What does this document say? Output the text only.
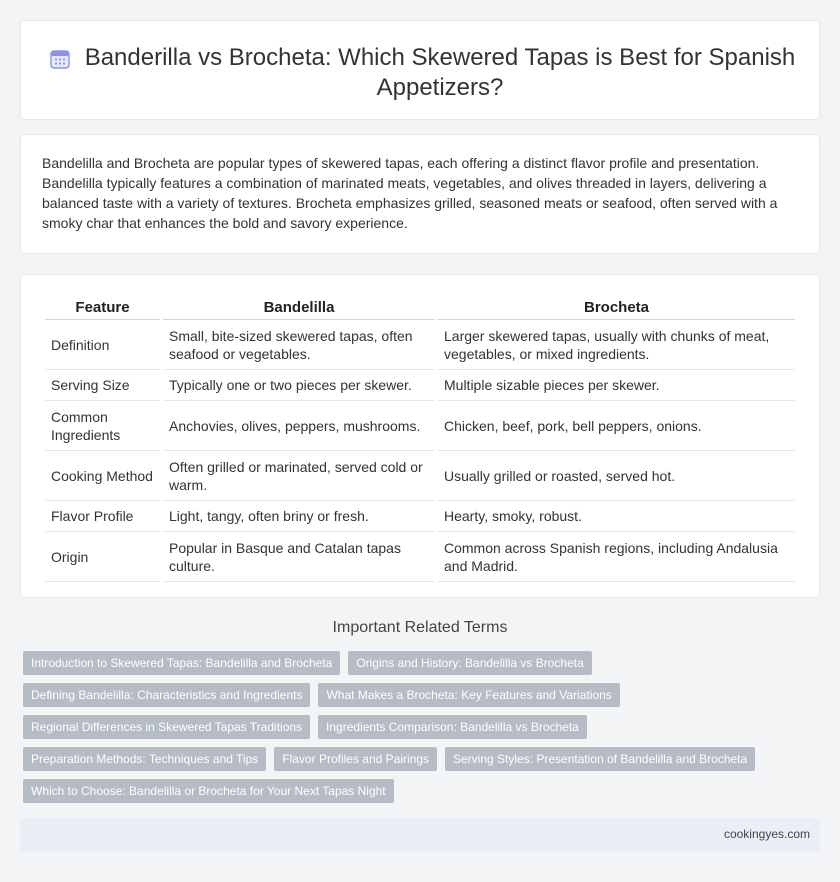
Banderilla vs Brocheta: Which Skewered Tapas is Best for Spanish Appetizers?

Bandelilla and Brocheta are popular types of skewered tapas, each offering a distinct flavor profile and presentation. Bandelilla typically features a combination of marinated meats, vegetables, and olives threaded in layers, delivering a balanced taste with a variety of textures. Brocheta emphasizes grilled, seasoned meats or seafood, often served with a smoky char that enhances the bold and savory experience.

Feature	Bandelilla	Brocheta
Definition	Small, bite-sized skewered tapas, often seafood or vegetables.	Larger skewered tapas, usually with chunks of meat, vegetables, or mixed ingredients.
Serving Size	Typically one or two pieces per skewer.	Multiple sizable pieces per skewer.
Common Ingredients	Anchovies, olives, peppers, mushrooms.	Chicken, beef, pork, bell peppers, onions.
Cooking Method	Often grilled or marinated, served cold or warm.	Usually grilled or roasted, served hot.
Flavor Profile	Light, tangy, often briny or fresh.	Hearty, smoky, robust.
Origin	Popular in Basque and Catalan tapas culture.	Common across Spanish regions, including Andalusia and Madrid.
Important Related Terms
Introduction to Skewered Tapas: Bandelilla and Brocheta	Origins and History: Bandelilla vs Brocheta
Defining Bandelilla: Characteristics and Ingredients	What Makes a Brocheta: Key Features and Variations
Regional Differences in Skewered Tapas Traditions	Ingredients Comparison: Bandelilla vs Brocheta
Preparation Methods: Techniques and Tips	Flavor Profiles and Pairings	Serving Styles: Presentation of Bandelilla and Brocheta
Which to Choose: Bandelilla or Brocheta for Your Next Tapas Night
cookingyes.com
